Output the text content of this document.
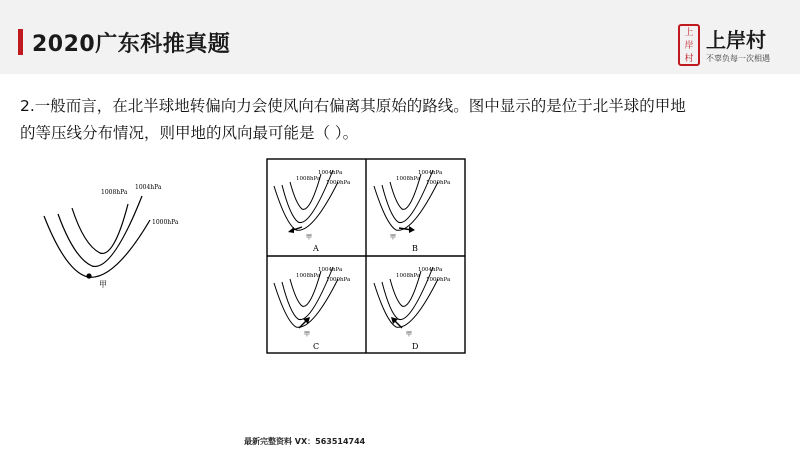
2020广东科推真题	上
岸
村
上岸村
不辜负每一次相遇
2.一般而言，在北半球地转偏向力会使风向右偏离其原始的路线。图中显示的是位于北半球的甲地
的等压线分布情况，则甲地的风向最可能是（ ）。
1008hPa
1004hPa
1000hPa
甲
1008hPa
1004hPa
1000hPa
甲
A
1008hPa
1004hPa
1000hPa
甲
B
1008hPa
1004hPa
1000hPa
甲
C
1008hPa
1004hPa
1000hPa
甲
D
最新完整资料 VX：563514744
